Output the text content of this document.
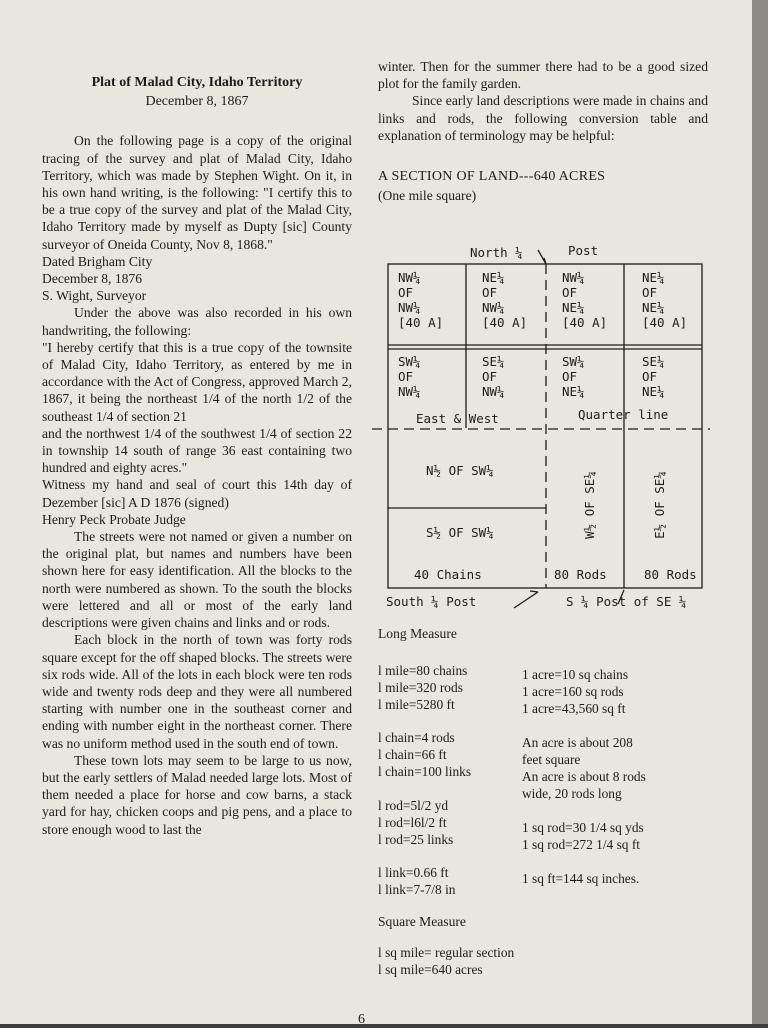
Plat of Malad City, Idaho Territory

December 8, 1867

On the following page is a copy of the original tracing of the survey and plat of Malad City, Idaho Territory, which was made by Stephen Wight. On it, in his own hand writing, is the following: "I certify this to be a true copy of the survey and plat of the Malad City, Idaho Territory made by myself as Dupty [sic] County surveyor of Oneida County, Nov 8, 1868."

Dated Brigham City

December 8, 1876

S. Wight, Surveyor

Under the above was also recorded in his own handwriting, the following:

"I hereby certify that this is a true copy of the townsite of Malad City, Idaho Territory, as entered by me in accordance with the Act of Congress, approved March 2, 1867, it being the northeast 1/4 of the north 1/2 of the southeast 1/4 of section 21

and the northwest 1/4 of the southwest 1/4 of section 22 in township 14 south of range 36 east containing two hundred and eighty acres."

Witness my hand and seal of court this 14th day of Dezember [sic] A D 1876 (signed)

Henry Peck Probate Judge

The streets were not named or given a number on the original plat, but names and numbers have been shown here for easy identification. All the blocks to the north were numbered as shown. To the south the blocks were lettered and all or most of the early land descriptions were given chains and links and or rods.

Each block in the north of town was forty rods square except for the off shaped blocks. The streets were six rods wide. All of the lots in each block were ten rods wide and twenty rods deep and they were all numbered starting with number one in the southeast corner and ending with number eight in the northeast corner. There was no uniform method used in the south end of town.

These town lots may seem to be large to us now, but the early settlers of Malad needed large lots. Most of them needed a place for horse and cow barns, a stack yard for hay, chicken coops and pig pens, and a place to store enough wood to last the

winter. Then for the summer there had to be a good sized plot for the family garden.

Since early land descriptions were made in chains and links and rods, the following conversion table and explanation of terminology may be helpful:

A SECTION OF LAND---640 ACRES

(One mile square)

North ¼	Post
NW¼
OF
NW¼
[40 A]
NE¼
OF
NW¼
[40 A]
NW¼
OF
NE¼
[40 A]
NE¼
OF
NE¼
[40 A]
SW¼
OF
NW¼
SE¼
OF
NW¼
SW¼
OF
NE¼
SE¼
OF
NE¼
East & West	Quarter line
N½ OF SW¼
S½ OF SW¼	W½ OF SE¼	E½ OF SE¼
40 Chains	80 Rods	80 Rods
South ¼ Post	S ¼ Post of SE ¼
Long Measure
l mile=80 chains
l mile=320 rods
l mile=5280 ft
l chain=4 rods
l chain=66 ft
l chain=100 links
l rod=5l/2 yd
l rod=l6l/2 ft
l rod=25 links
l link=0.66 ft
l link=7-7/8 in
1 acre=10 sq chains
1 acre=160 sq rods
1 acre=43,560 sq ft
An acre is about 208
feet square
An acre is about 8 rods
wide, 20 rods long
1 sq rod=30 1/4 sq yds
1 sq rod=272 1/4 sq ft
1 sq ft=144 sq inches.
Square Measure
l sq mile= regular section
l sq mile=640 acres
6
